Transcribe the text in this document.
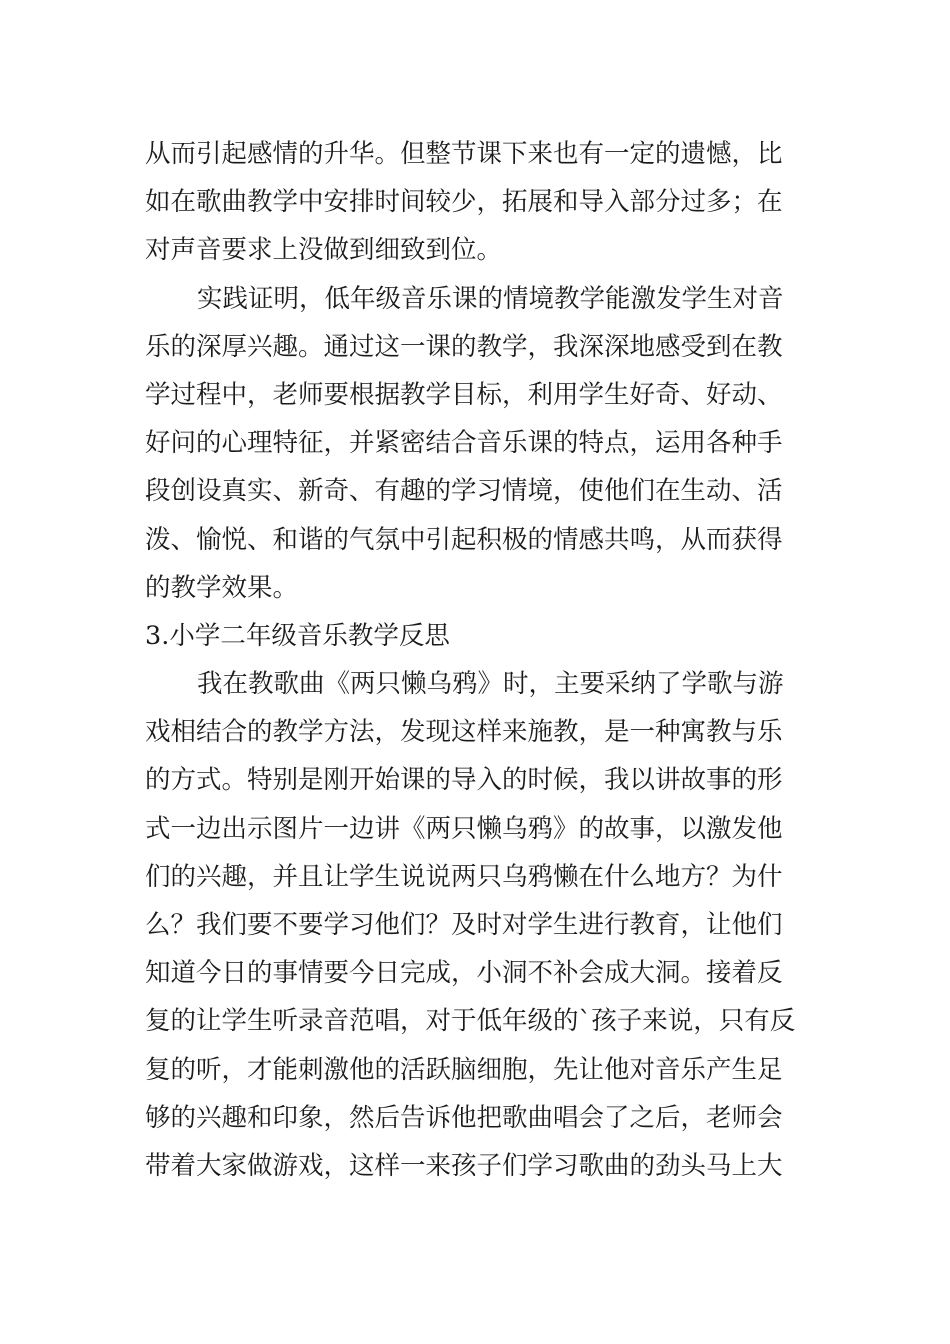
从而引起感情的升华。但整节课下来也有一定的遗憾，比
如在歌曲教学中安排时间较少，拓展和导入部分过多；在
对声音要求上没做到细致到位。
实践证明，低年级音乐课的情境教学能激发学生对音
乐的深厚兴趣。通过这一课的教学，我深深地感受到在教
学过程中，老师要根据教学目标，利用学生好奇、好动、
好问的心理特征，并紧密结合音乐课的特点，运用各种手
段创设真实、新奇、有趣的学习情境，使他们在生动、活
泼、愉悦、和谐的气氛中引起积极的情感共鸣，从而获得
的教学效果。
3.小学二年级音乐教学反思
我在教歌曲《两只懒乌鸦》时，主要采纳了学歌与游
戏相结合的教学方法，发现这样来施教，是一种寓教与乐
的方式。特别是刚开始课的导入的时候，我以讲故事的形
式一边出示图片一边讲《两只懒乌鸦》的故事，以激发他
们的兴趣，并且让学生说说两只乌鸦懒在什么地方？为什
么？我们要不要学习他们？及时对学生进行教育，让他们
知道今日的事情要今日完成，小洞不补会成大洞。接着反
复的让学生听录音范唱，对于低年级的`孩子来说，只有反
复的听，才能刺激他的活跃脑细胞，先让他对音乐产生足
够的兴趣和印象，然后告诉他把歌曲唱会了之后，老师会
带着大家做游戏，这样一来孩子们学习歌曲的劲头马上大
